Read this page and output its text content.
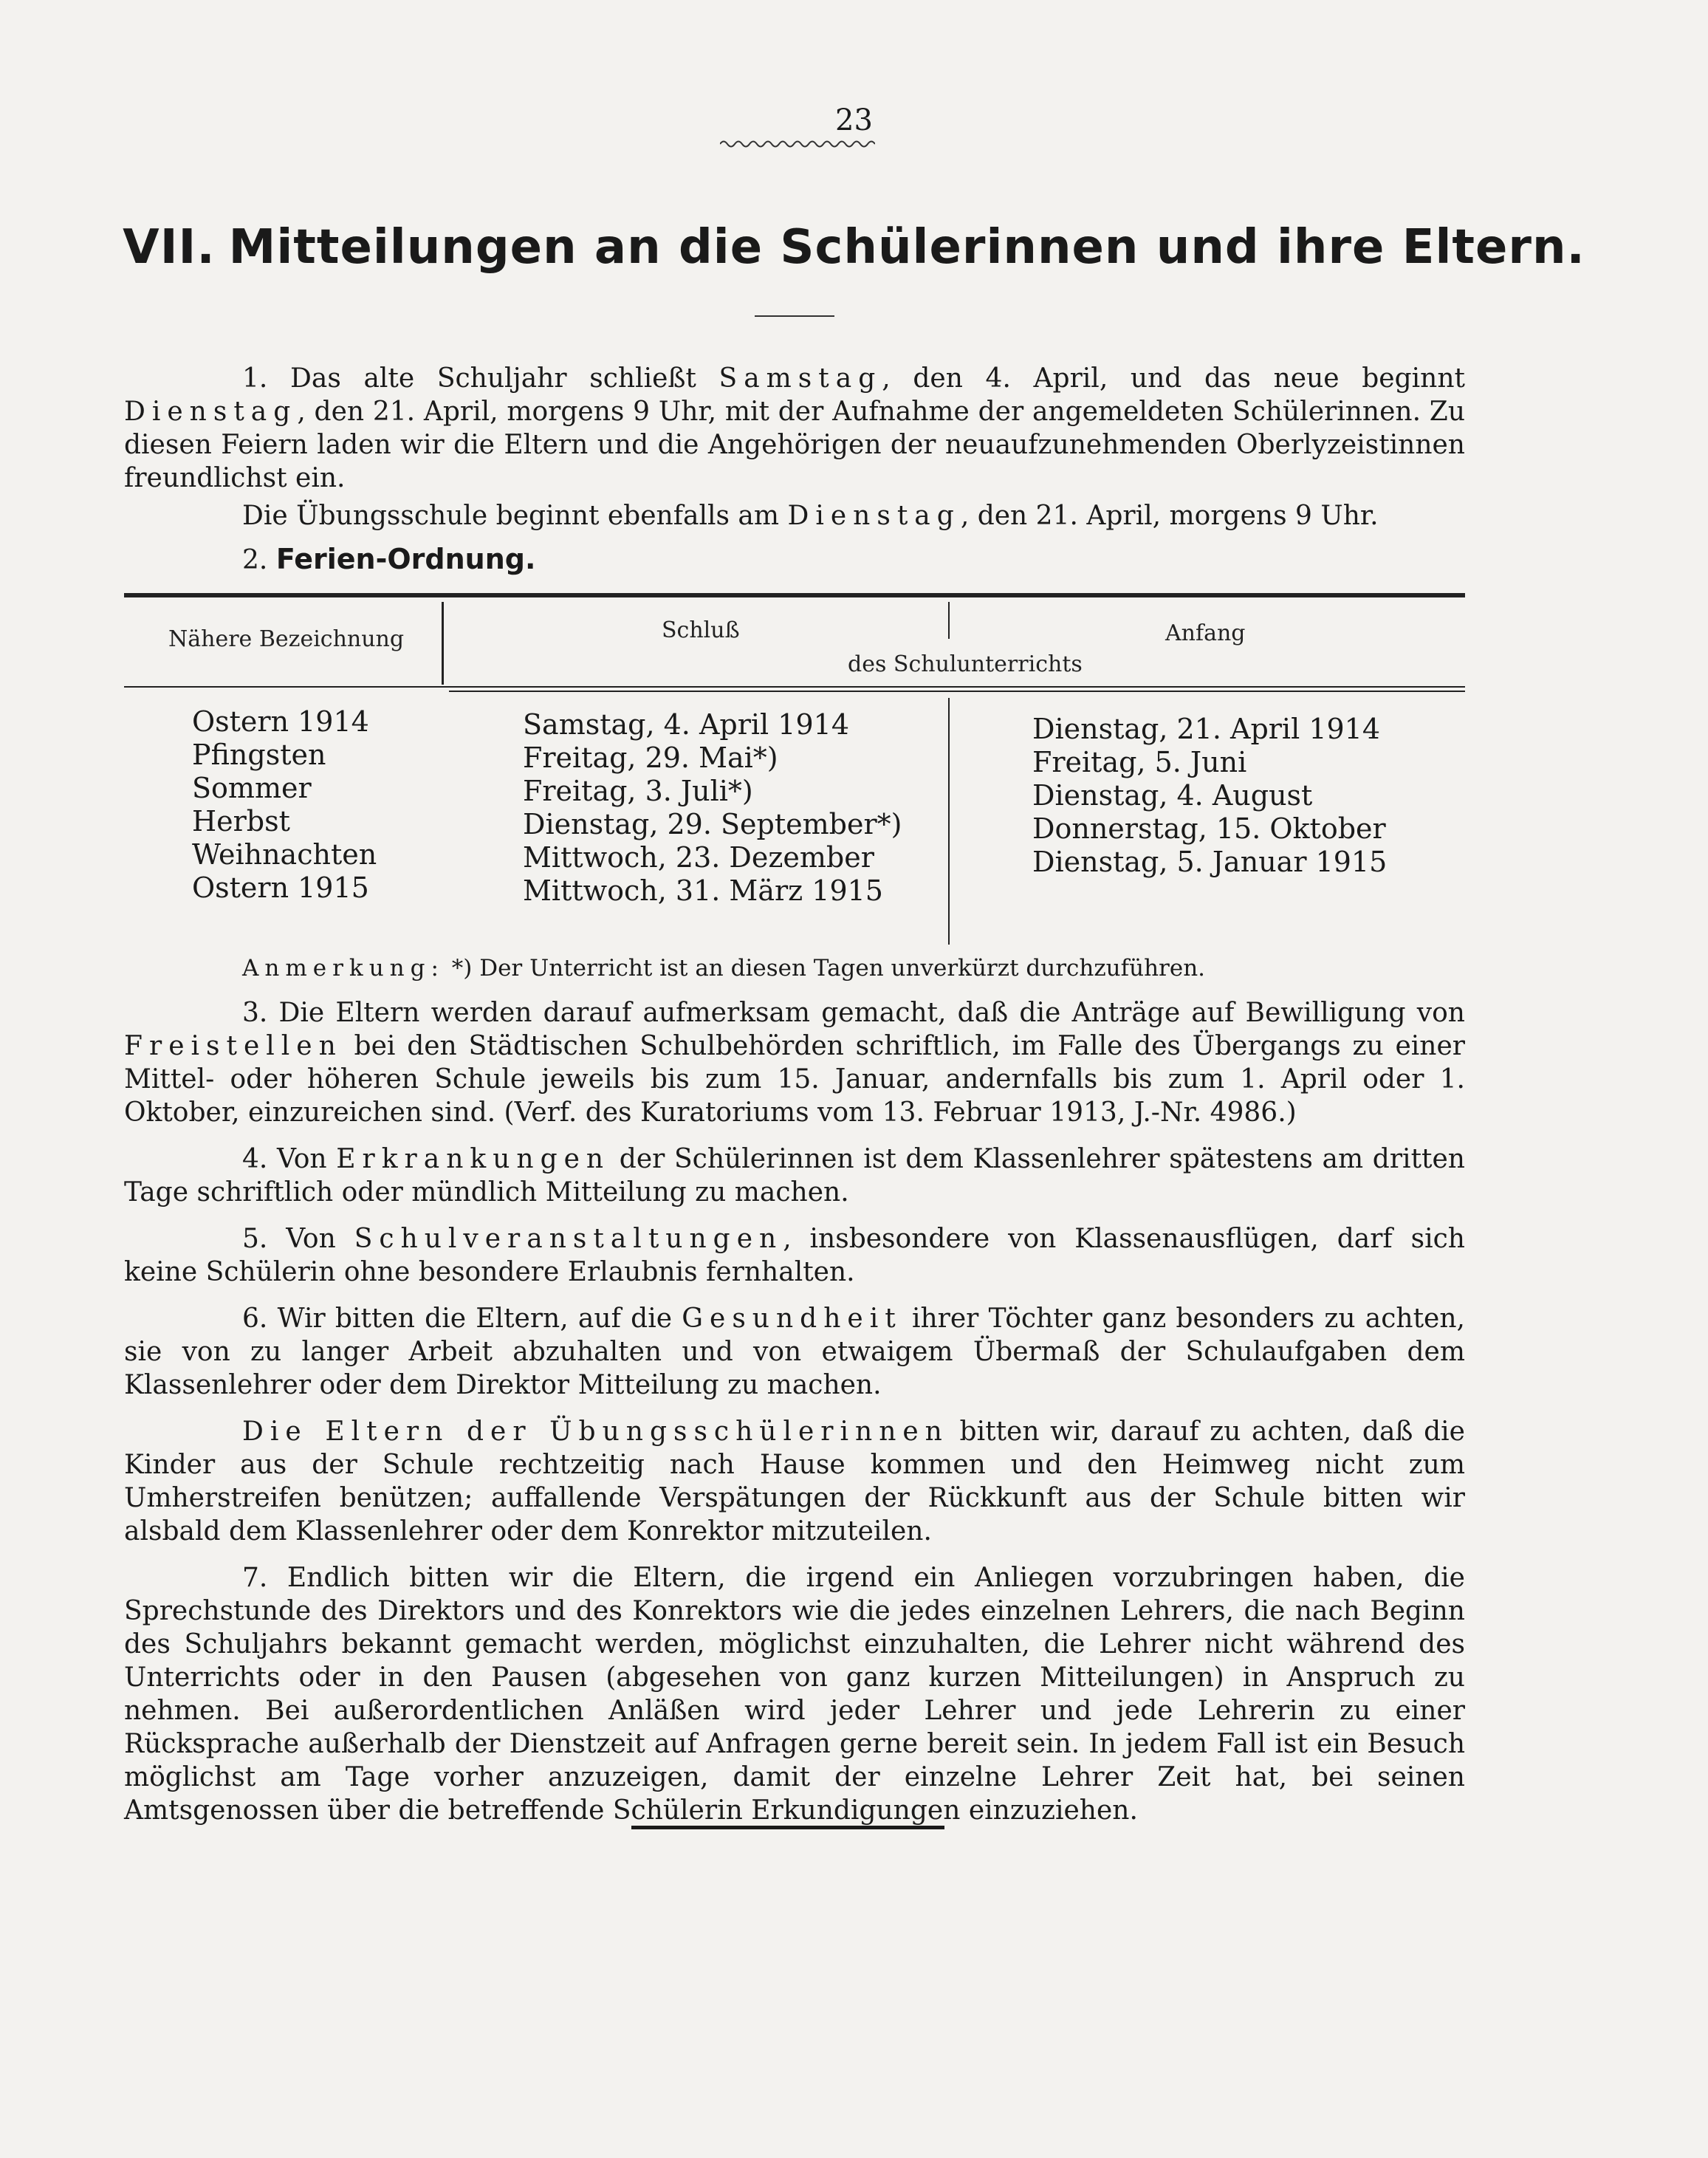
23
VII. Mitteilungen an die Schülerinnen und ihre Eltern.

1. Das alte Schuljahr schließt Samstag, den 4. April, und das neue beginnt Dienstag, den 21. April, morgens 9 Uhr, mit der Aufnahme der angemeldeten Schülerinnen. Zu diesen Feiern laden wir die Eltern und die Angehörigen der neuaufzunehmenden Oberlyzeistinnen freundlichst ein.

Die Übungsschule beginnt ebenfalls am Dienstag, den 21. April, morgens 9 Uhr.

2. Ferien-Ordnung.
Nähere Bezeichnung	Schluß	Anfang
des Schulunterrichts
Ostern 1914
Pfingsten
Sommer
Herbst
Weihnachten
Ostern 1915
Samstag, 4. April 1914
Freitag, 29. Mai*)
Freitag, 3. Juli*)
Dienstag, 29. September*)
Mittwoch, 23. Dezember
Mittwoch, 31. März 1915
Dienstag, 21. April 1914
Freitag, 5. Juni
Dienstag, 4. August
Donnerstag, 15. Oktober
Dienstag, 5. Januar 1915

Anmerkung: *) Der Unterricht ist an diesen Tagen unverkürzt durchzuführen.

3. Die Eltern werden darauf aufmerksam gemacht, daß die Anträge auf Bewilligung von Freistellen bei den Städtischen Schulbehörden schriftlich, im Falle des Übergangs zu einer Mittel- oder höheren Schule jeweils bis zum 15. Januar, andernfalls bis zum 1. April oder 1. Oktober, einzureichen sind. (Verf. des Kuratoriums vom 13. Februar 1913, J.-Nr. 4986.)

4. Von Erkrankungen der Schülerinnen ist dem Klassenlehrer spätestens am dritten Tage schriftlich oder mündlich Mitteilung zu machen.

5. Von Schulveranstaltungen, insbesondere von Klassenausflügen, darf sich keine Schülerin ohne besondere Erlaubnis fernhalten.

6. Wir bitten die Eltern, auf die Gesundheit ihrer Töchter ganz besonders zu achten, sie von zu langer Arbeit abzuhalten und von etwaigem Übermaß der Schulaufgaben dem Klassenlehrer oder dem Direktor Mitteilung zu machen.

Die Eltern der Übungsschülerinnen bitten wir, darauf zu achten, daß die Kinder aus der Schule rechtzeitig nach Hause kommen und den Heimweg nicht zum Umherstreifen benützen; auffallende Verspätungen der Rückkunft aus der Schule bitten wir alsbald dem Klassenlehrer oder dem Konrektor mitzuteilen.

7. Endlich bitten wir die Eltern, die irgend ein Anliegen vorzubringen haben, die Sprechstunde des Direktors und des Konrektors wie die jedes einzelnen Lehrers, die nach Beginn des Schuljahrs bekannt gemacht werden, möglichst einzuhalten, die Lehrer nicht während des Unterrichts oder in den Pausen (abgesehen von ganz kurzen Mitteilungen) in Anspruch zu nehmen. Bei außerordentlichen Anläßen wird jeder Lehrer und jede Lehrerin zu einer Rücksprache außerhalb der Dienstzeit auf Anfragen gerne bereit sein. In jedem Fall ist ein Besuch möglichst am Tage vorher anzuzeigen, damit der einzelne Lehrer Zeit hat, bei seinen Amtsgenossen über die betreffende Schülerin Erkundigungen einzuziehen.
